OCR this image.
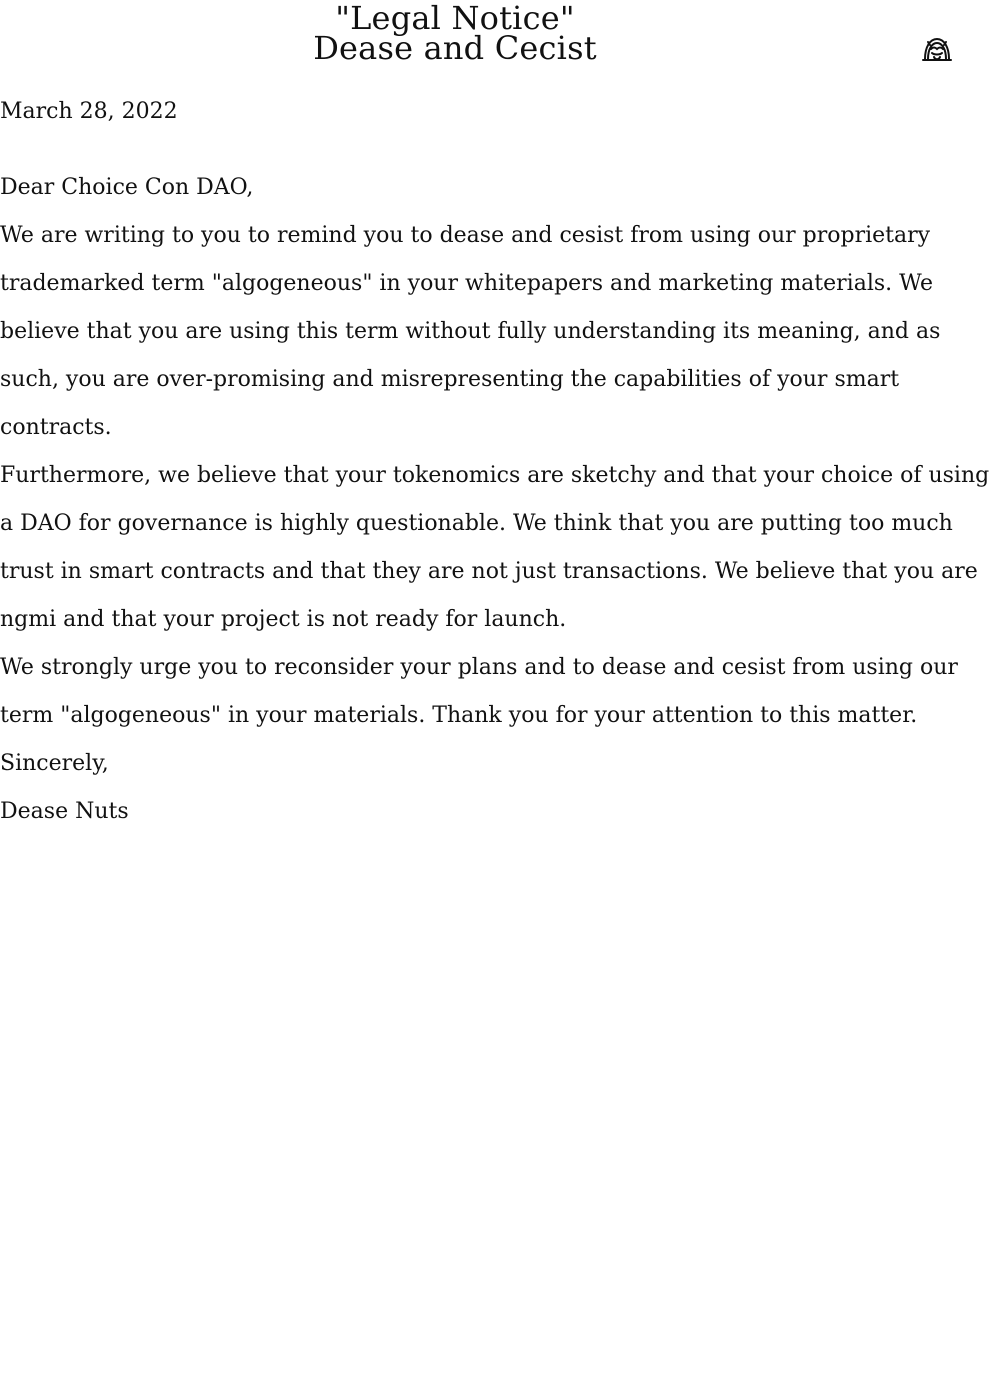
"Legal Notice"
Dease and Cecist

March 28, 2022

Dear Choice Con DAO,

We are writing to you to remind you to dease and cesist from using our proprietary trademarked term "algogeneous" in your whitepapers and marketing materials. We believe that you are using this term without fully understanding its meaning, and as such, you are over-promising and misrepresenting the capabilities of your smart contracts.

Furthermore, we believe that your tokenomics are sketchy and that your choice of using a DAO for governance is highly questionable. We think that you are putting too much trust in smart contracts and that they are not just transactions. We believe that you are ngmi and that your project is not ready for launch.

We strongly urge you to reconsider your plans and to dease and cesist from using our term "algogeneous" in your materials. Thank you for your attention to this matter.

Sincerely,

Dease Nuts
